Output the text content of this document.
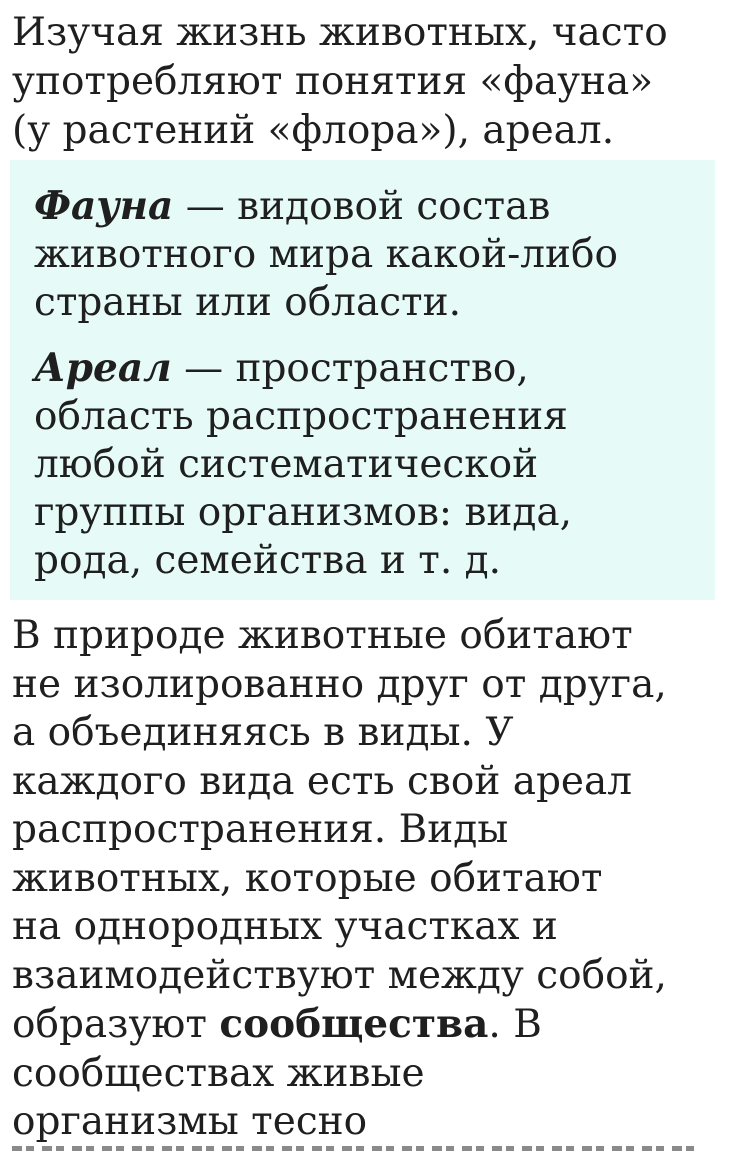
Изучая жизнь животных, часто
употребляют понятия «фауна»
(у растений «флора»), ареал.

Фауна — видовой состав
животного мира какой-либо
страны или области.

Ареал — пространство,
область распространения
любой систематической
группы организмов: вида,
рода, семейства и т. д.

В природе животные обитают
не изолированно друг от друга,
а объединяясь в виды. У
каждого вида есть свой ареал
распространения. Виды
животных, которые обитают
на однородных участках и
взаимодействуют между собой,
образуют сообщества. В
сообществах живые
организмы тесно
